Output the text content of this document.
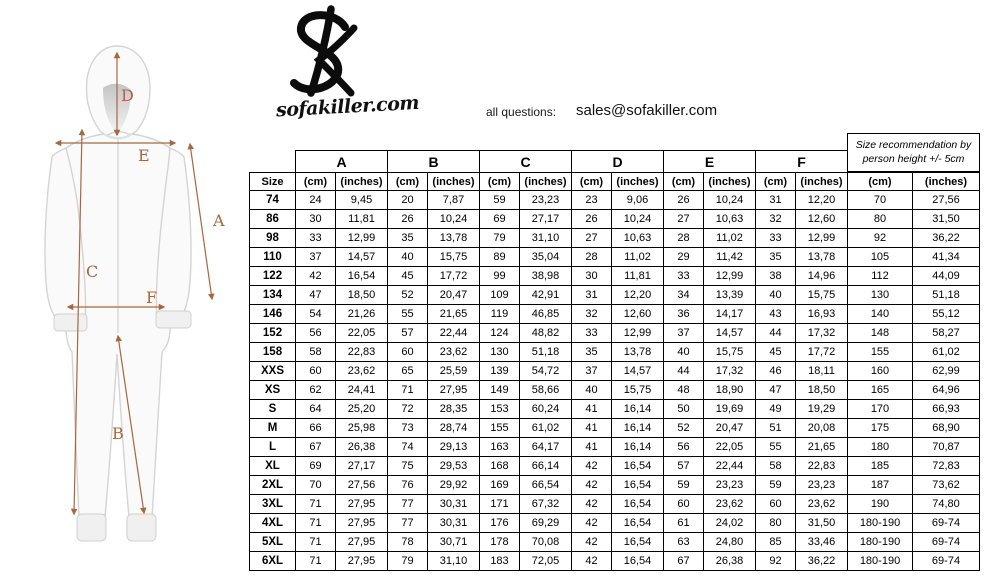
D
E
A
C
F
B
sofakiller.com	all questions: sales@sofakiller.com
Size recommendation by
person height +/- 5cm
	A		B		C		D		E		F			
Size	(cm)	(inches)	(cm)	(inches)	(cm)	(inches)	(cm)	(inches)	(cm)	(inches)	(cm)	(inches)	(cm)	(inches)
74	24	9,45	20	7,87	59	23,23	23	9,06	26	10,24	31	12,20	70	27,56
86	30	11,81	26	10,24	69	27,17	26	10,24	27	10,63	32	12,60	80	31,50
98	33	12,99	35	13,78	79	31,10	27	10,63	28	11,02	33	12,99	92	36,22
110	37	14,57	40	15,75	89	35,04	28	11,02	29	11,42	35	13,78	105	41,34
122	42	16,54	45	17,72	99	38,98	30	11,81	33	12,99	38	14,96	112	44,09
134	47	18,50	52	20,47	109	42,91	31	12,20	34	13,39	40	15,75	130	51,18
146	54	21,26	55	21,65	119	46,85	32	12,60	36	14,17	43	16,93	140	55,12
152	56	22,05	57	22,44	124	48,82	33	12,99	37	14,57	44	17,32	148	58,27
158	58	22,83	60	23,62	130	51,18	35	13,78	40	15,75	45	17,72	155	61,02
XXS	60	23,62	65	25,59	139	54,72	37	14,57	44	17,32	46	18,11	160	62,99
XS	62	24,41	71	27,95	149	58,66	40	15,75	48	18,90	47	18,50	165	64,96
S	64	25,20	72	28,35	153	60,24	41	16,14	50	19,69	49	19,29	170	66,93
M	66	25,98	73	28,74	155	61,02	41	16,14	52	20,47	51	20,08	175	68,90
L	67	26,38	74	29,13	163	64,17	41	16,14	56	22,05	55	21,65	180	70,87
XL	69	27,17	75	29,53	168	66,14	42	16,54	57	22,44	58	22,83	185	72,83
2XL	70	27,56	76	29,92	169	66,54	42	16,54	59	23,23	59	23,23	187	73,62
3XL	71	27,95	77	30,31	171	67,32	42	16,54	60	23,62	60	23,62	190	74,80
4XL	71	27,95	77	30,31	176	69,29	42	16,54	61	24,02	80	31,50	180-190	69-74
5XL	71	27,95	78	30,71	178	70,08	42	16,54	63	24,80	85	33,46	180-190	69-74
6XL	71	27,95	79	31,10	183	72,05	42	16,54	67	26,38	92	36,22	180-190	69-74
